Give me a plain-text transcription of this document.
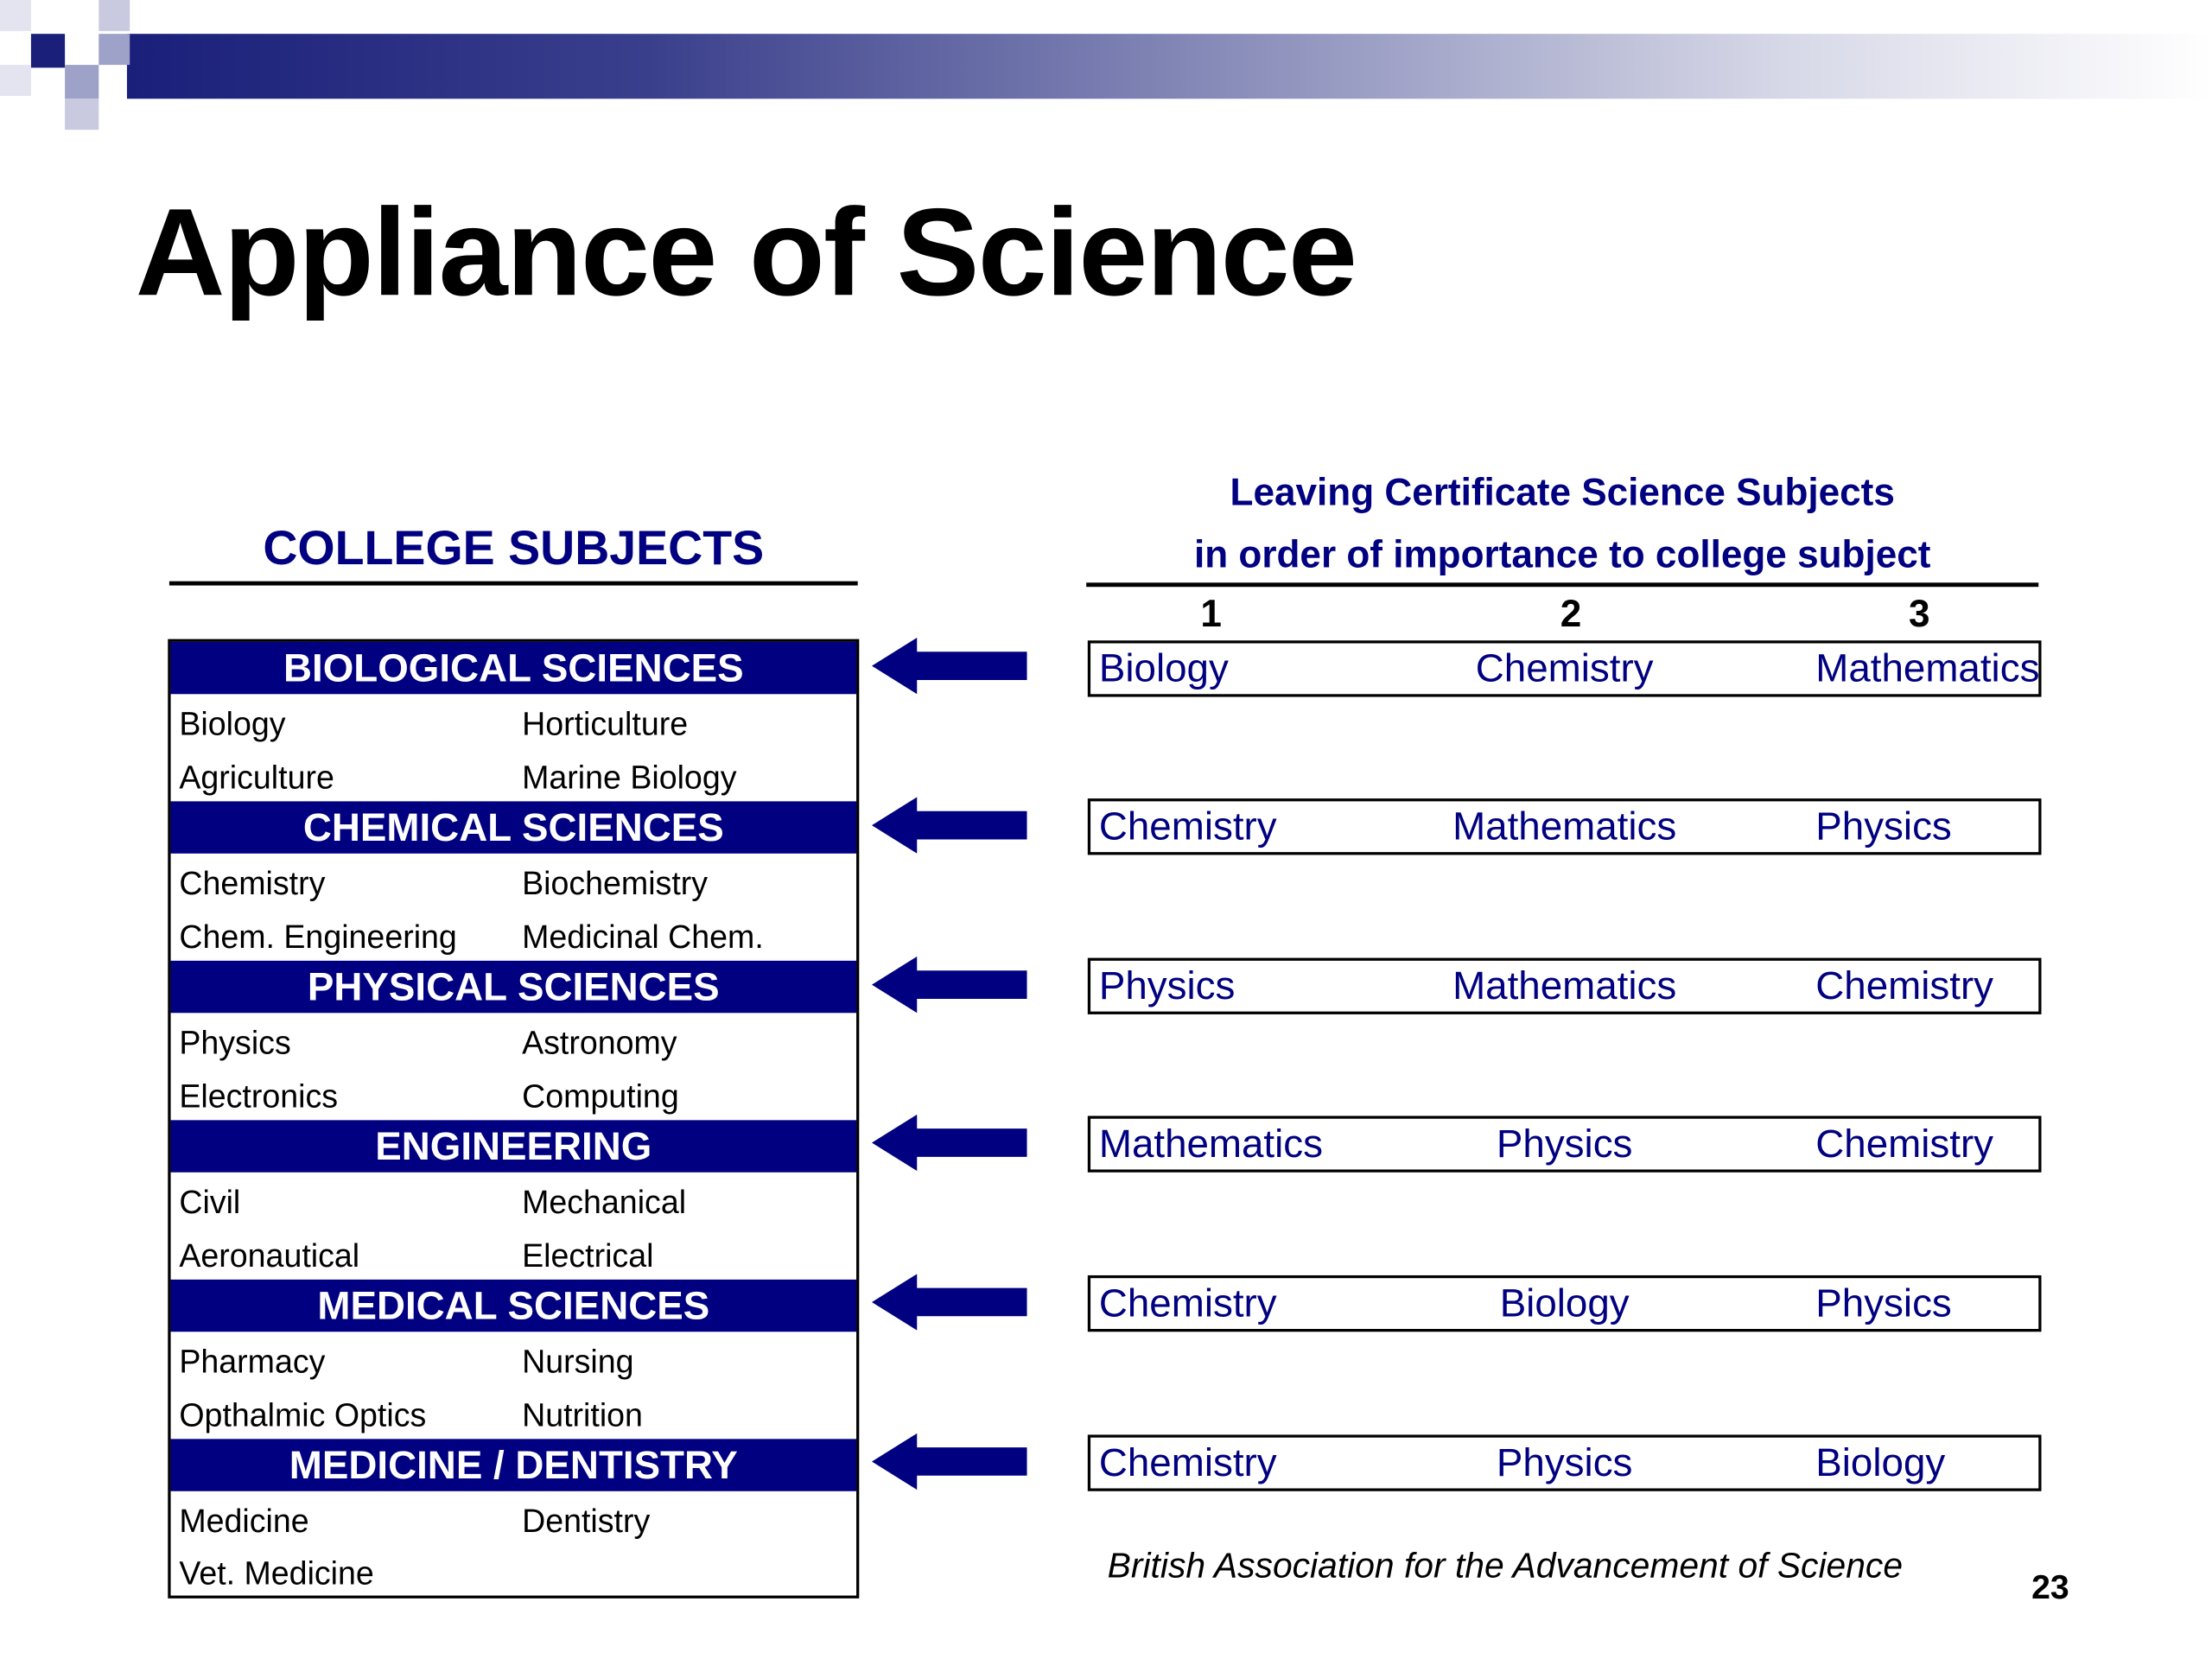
Appliance of Science
COLLEGE SUBJECTS
BIOLOGICAL SCIENCES
Biology	Horticulture
Agriculture	Marine Biology
CHEMICAL SCIENCES
Chemistry	Biochemistry
Chem. Engineering	Medicinal Chem.
PHYSICAL SCIENCES
Physics	Astronomy
Electronics	Computing
ENGINEERING
Civil	Mechanical
Aeronautical	Electrical
MEDICAL SCIENCES
Pharmacy	Nursing
Opthalmic Optics	Nutrition
MEDICINE / DENTISTRY
Medicine	Dentistry
Vet. Medicine
Leaving Certificate Science Subjects
in order of importance to college subject
1	2	3
Biology	Chemistry	Mathematics
Chemistry	Mathematics	Physics
Physics	Mathematics	Chemistry
Mathematics	Physics	Chemistry
Chemistry	Biology	Physics
Chemistry	Physics	Biology
British Association for the Advancement of Science
23
